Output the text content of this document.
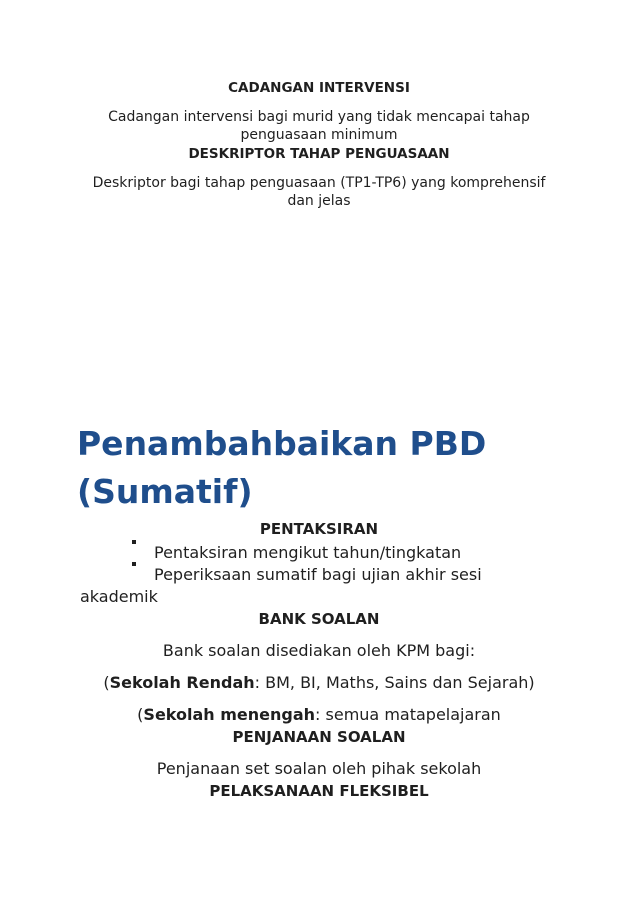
CADANGAN INTERVENSI

Cadangan intervensi bagi murid yang tidak mencapai tahap penguasaan minimum

DESKRIPTOR TAHAP PENGUASAAN

Deskriptor bagi tahap penguasaan (TP1-TP6) yang komprehensif dan jelas

Penambahbaikan PBD (Sumatif)

PENTAKSIRAN

Pentaksiran mengikut tahun/tingkatan
Peperiksaan sumatif bagi ujian akhir sesi
akademik

BANK SOALAN

Bank soalan disediakan oleh KPM bagi:

(Sekolah Rendah: BM, BI, Maths, Sains dan Sejarah)

(Sekolah menengah: semua matapelajaran

PENJANAAN SOALAN

Penjanaan set soalan oleh pihak sekolah

PELAKSANAAN FLEKSIBEL
